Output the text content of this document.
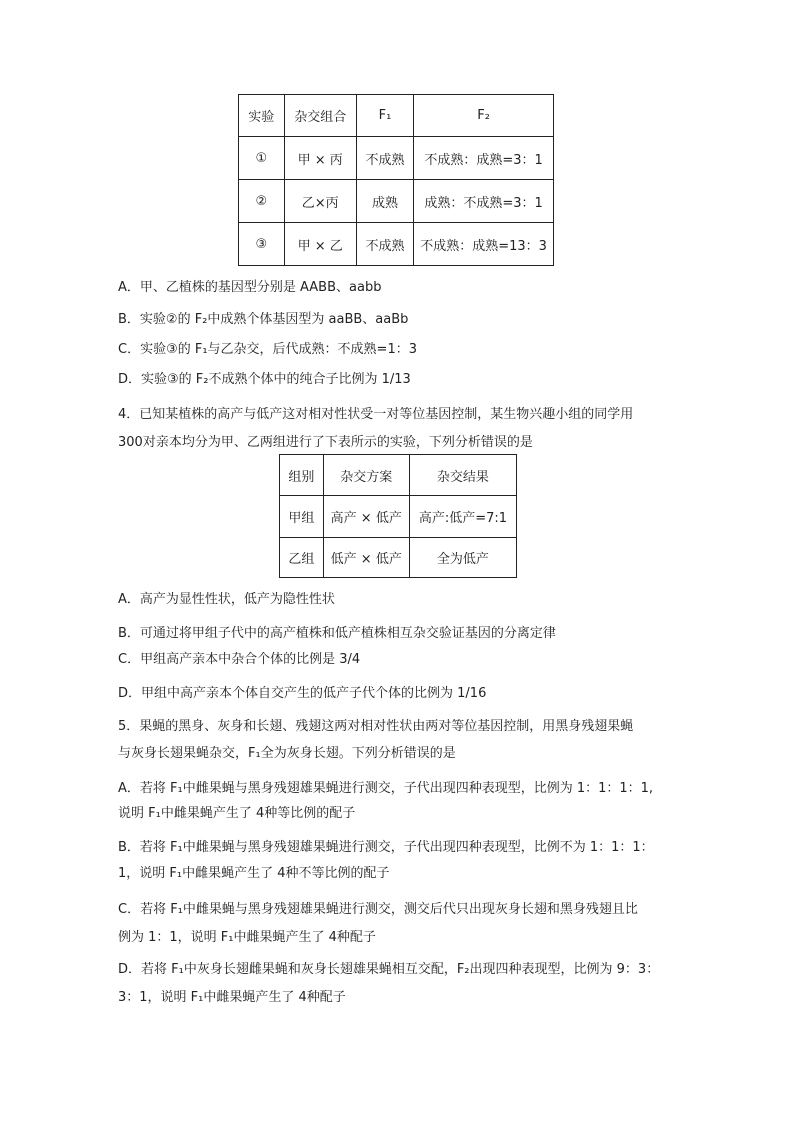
实验	杂交组合	F₁	F₂
①	甲 × 丙	不成熟	不成熟：成熟=3：1
②	乙×丙	成熟	成熟：不成熟=3：1
③	甲 × 乙	不成熟	不成熟：成熟=13：3
A．甲、乙植株的基因型分别是 AABB、aabb
B．实验②的 F₂中成熟个体基因型为 aaBB、aaBb
C．实验③的 F₁与乙杂交，后代成熟：不成熟=1：3
D．实验③的 F₂不成熟个体中的纯合子比例为 1/13
4．已知某植株的高产与低产这对相对性状受一对等位基因控制，某生物兴趣小组的同学用
300对亲本均分为甲、乙两组进行了下表所示的实验，下列分析错误的是
组别	杂交方案	杂交结果
甲组	高产 × 低产	高产:低产=7:1
乙组	低产 × 低产	全为低产
A．高产为显性性状，低产为隐性性状
B．可通过将甲组子代中的高产植株和低产植株相互杂交验证基因的分离定律
C．甲组高产亲本中杂合个体的比例是 3/4
D．甲组中高产亲本个体自交产生的低产子代个体的比例为 1/16
5．果蝇的黑身、灰身和长翅、残翅这两对相对性状由两对等位基因控制，用黑身残翅果蝇
与灰身长翅果蝇杂交，F₁全为灰身长翅。下列分析错误的是
A．若将 F₁中雌果蝇与黑身残翅雄果蝇进行测交，子代出现四种表现型，比例为 1：1：1：1,
说明 F₁中雌果蝇产生了 4种等比例的配子
B．若将 F₁中雌果蝇与黑身残翅雄果蝇进行测交，子代出现四种表现型，比例不为 1：1：1：
1，说明 F₁中雌果蝇产生了 4种不等比例的配子
C．若将 F₁中雌果蝇与黑身残翅雄果蝇进行测交，测交后代只出现灰身长翅和黑身残翅且比
例为 1：1，说明 F₁中雌果蝇产生了 4种配子
D．若将 F₁中灰身长翅雌果蝇和灰身长翅雄果蝇相互交配，F₂出现四种表现型，比例为 9：3：
3：1，说明 F₁中雌果蝇产生了 4种配子
